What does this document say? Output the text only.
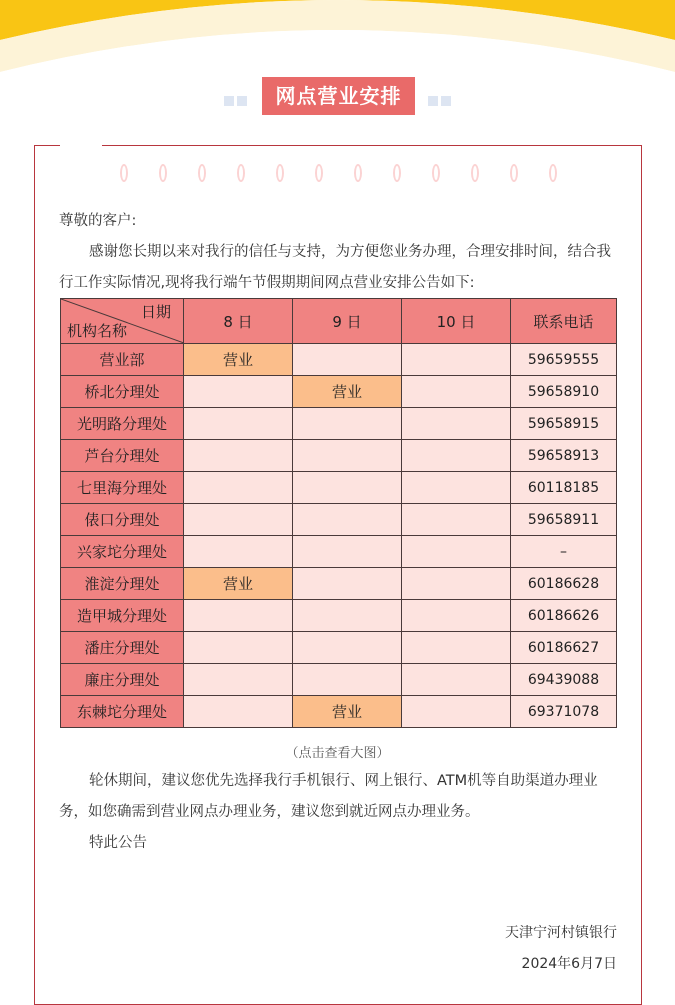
网点营业安排
尊敬的客户:
感谢您长期以来对我行的信任与支持，为方便您业务办理，合理安排时间，结合我行工作实际情况,现将我行端午节假期期间网点营业安排公告如下:
日期
机构名称	8 日	9 日	10 日	联系电话
营业部	营业			59659555
桥北分理处		营业		59658910
光明路分理处				59658915
芦台分理处				59658913
七里海分理处				60118185
俵口分理处				59658911
兴家坨分理处				–
淮淀分理处	营业			60186628
造甲城分理处				60186626
潘庄分理处				60186627
廉庄分理处				69439088
东棘坨分理处		营业		69371078
（点击查看大图）
轮休期间，建议您优先选择我行手机银行、网上银行、ATM机等自助渠道办理业务，如您确需到营业网点办理业务，建议您到就近网点办理业务。
特此公告
天津宁河村镇银行
2024年6月7日
